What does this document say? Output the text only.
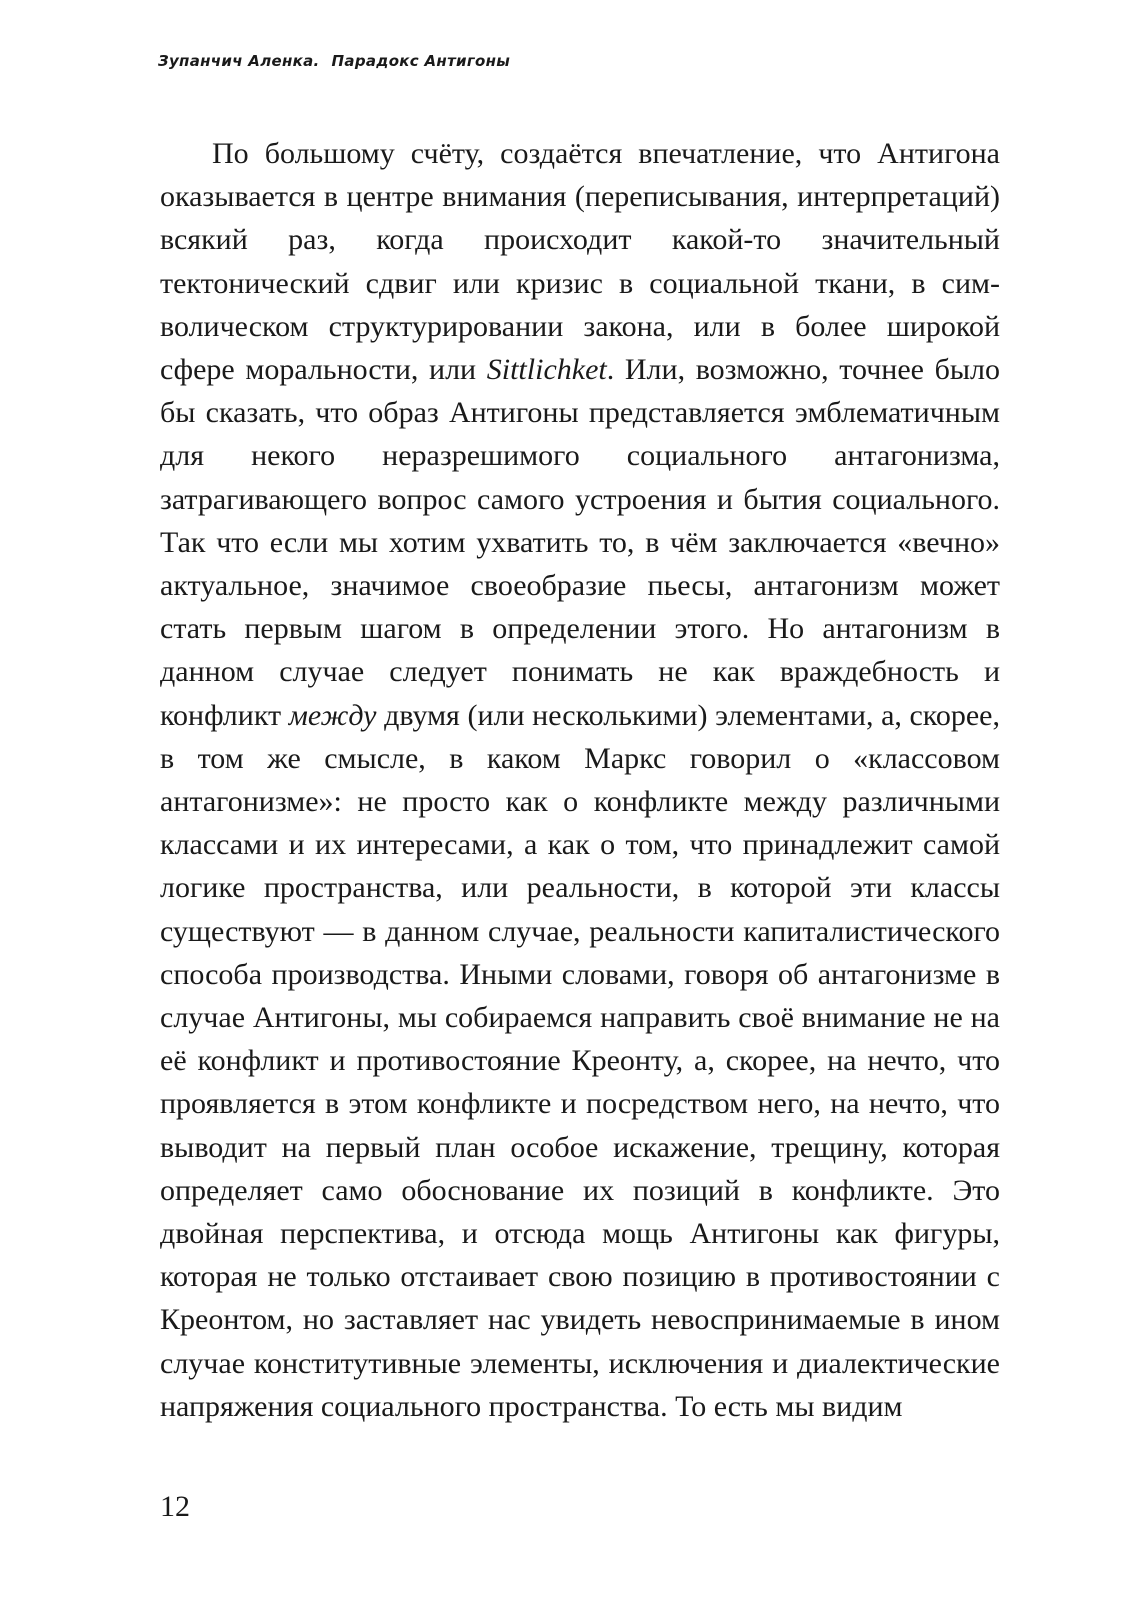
Зупанчич Аленка. Парадокс Антигоны

По большому счёту, создаётся впечатление, что Антигона оказывается в центре внимания (переписывания, интерпретаций) всякий раз, когда происходит какой-то значительный тектонический сдвиг или кризис в социальной ткани, в символическом структурировании закона, или в более широкой сфере моральности, или Sittlichket. Или, возможно, точнее было бы сказать, что образ Антигоны представляется эмблематичным для некого неразрешимого социального антагонизма, затрагивающего вопрос самого устроения и бытия социального. Так что если мы хотим ухватить то, в чём заключается «вечно» актуальное, значимое своеобразие пьесы, антагонизм может стать первым шагом в определении этого. Но антагонизм в данном случае следует понимать не как враждебность и конфликт между двумя (или несколькими) элементами, а, скорее, в том же смысле, в каком Маркс говорил о «классовом антагонизме»: не просто как о конфликте между различными классами и их интересами, а как о том, что принадлежит самой логике пространства, или реальности, в которой эти классы существуют — в данном случае, реальности капиталистического способа производства. Иными словами, говоря об антагонизме в случае Антигоны, мы собираемся направить своё внимание не на её конфликт и противостояние Креонту, а, скорее, на нечто, что проявляется в этом конфликте и посредством него, на нечто, что выводит на первый план особое искажение, трещину, которая определяет само обоснование их позиций в конфликте. Это двойная перспектива, и отсюда мощь Антигоны как фигуры, которая не только отстаивает свою позицию в противостоянии с Креонтом, но заставляет нас увидеть невоспринимаемые в ином случае конститутивные элементы, исключения и диалектические напряжения социального пространства. То есть мы видим

12
